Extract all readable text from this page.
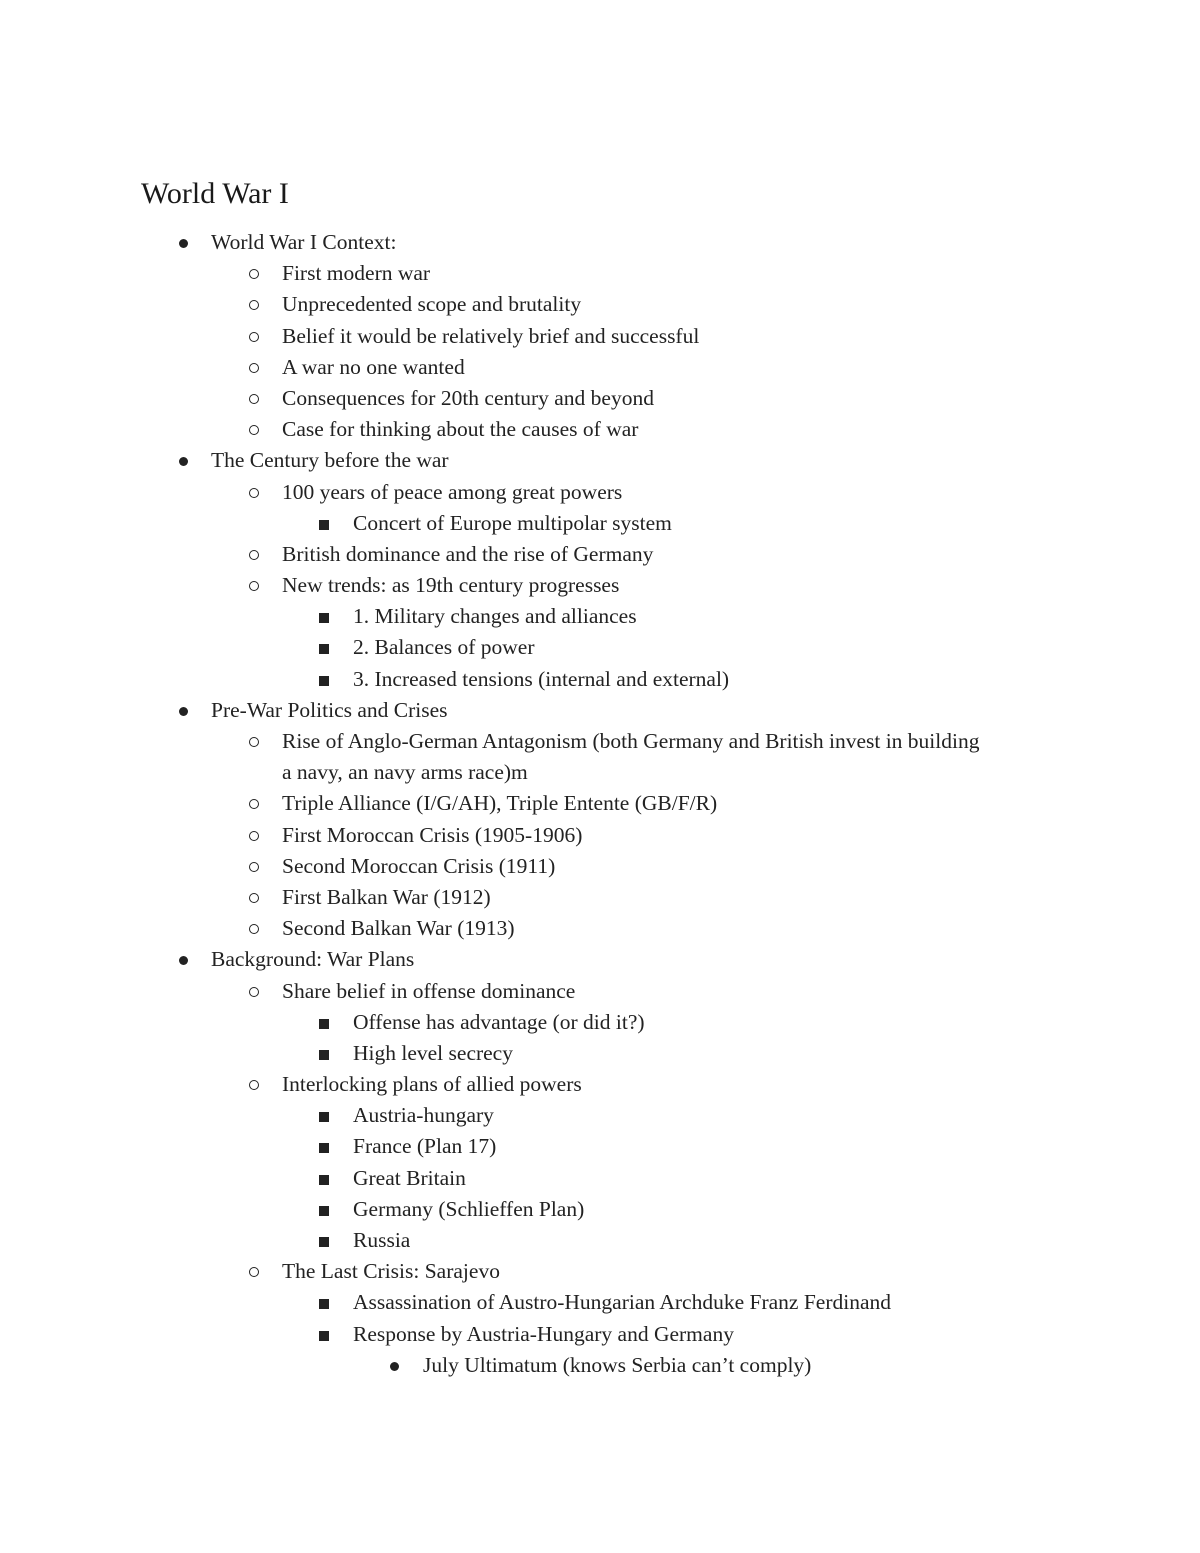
World War I
World War I Context:
First modern war
Unprecedented scope and brutality
Belief it would be relatively brief and successful
A war no one wanted
Consequences for 20th century and beyond
Case for thinking about the causes of war
The Century before the war
100 years of peace among great powers
Concert of Europe multipolar system
British dominance and the rise of Germany
New trends: as 19th century progresses
1. Military changes and alliances
2. Balances of power
3. Increased tensions (internal and external)
Pre-War Politics and Crises
Rise of Anglo-German Antagonism (both Germany and British invest in building
a navy, an navy arms race)m
Triple Alliance (I/G/AH), Triple Entente (GB/F/R)
First Moroccan Crisis (1905-1906)
Second Moroccan Crisis (1911)
First Balkan War (1912)
Second Balkan War (1913)
Background: War Plans
Share belief in offense dominance
Offense has advantage (or did it?)
High level secrecy
Interlocking plans of allied powers
Austria-hungary
France (Plan 17)
Great Britain
Germany (Schlieffen Plan)
Russia
The Last Crisis: Sarajevo
Assassination of Austro-Hungarian Archduke Franz Ferdinand
Response by Austria-Hungary and Germany
July Ultimatum (knows Serbia can’t comply)
